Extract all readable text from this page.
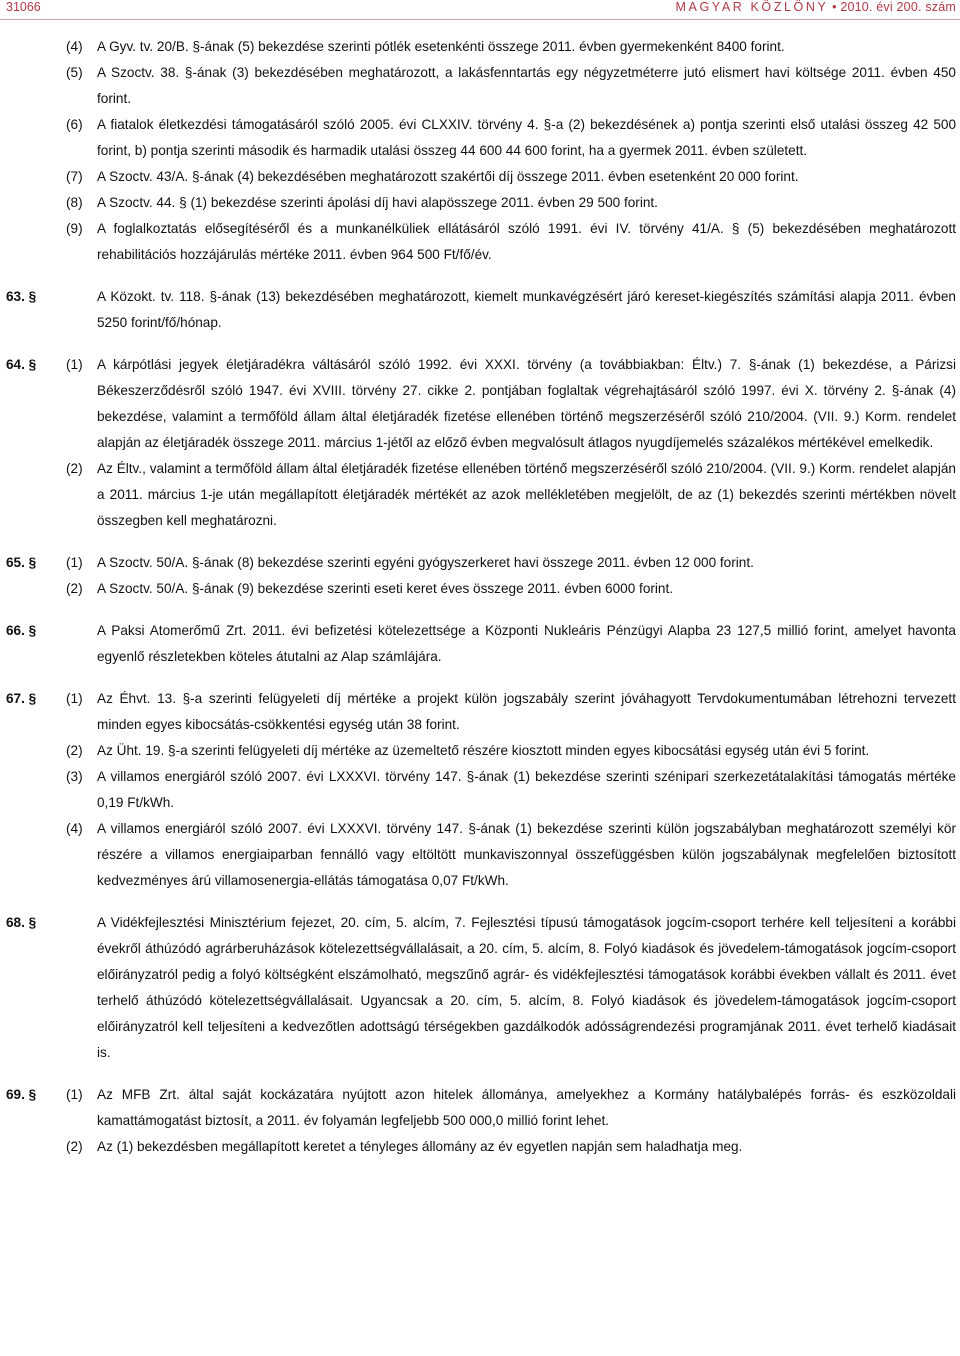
31066	MAGYAR KÖZLÖNY • 2010. évi 200. szám
(4) A Gyv. tv. 20/B. §-ának (5) bekezdése szerinti pótlék esetenkénti összege 2011. évben gyermekenként 8400 forint.
(5) A Szoctv. 38. §-ának (3) bekezdésében meghatározott, a lakásfenntartás egy négyzetméterre jutó elismert havi költsége 2011. évben 450 forint.
(6) A fiatalok életkezdési támogatásáról szóló 2005. évi CLXXIV. törvény 4. §-a (2) bekezdésének a) pontja szerinti első utalási összeg 42 500 forint, b) pontja szerinti második és harmadik utalási összeg 44 600 44 600 forint, ha a gyermek 2011. évben született.
(7) A Szoctv. 43/A. §-ának (4) bekezdésében meghatározott szakértői díj összege 2011. évben esetenként 20 000 forint.
(8) A Szoctv. 44. § (1) bekezdése szerinti ápolási díj havi alapösszege 2011. évben 29 500 forint.
(9) A foglalkoztatás elősegítéséről és a munkanélküliek ellátásáról szóló 1991. évi IV. törvény 41/A. § (5) bekezdésében meghatározott rehabilitációs hozzájárulás mértéke 2011. évben 964 500 Ft/fő/év.
63. §	A Közokt. tv. 118. §-ának (13) bekezdésében meghatározott, kiemelt munkavégzésért járó kereset-kiegészítés számítási alapja 2011. évben 5250 forint/fő/hónap.
64. § (1) A kárpótlási jegyek életjáradékra váltásáról szóló 1992. évi XXXI. törvény (a továbbiakban: Éltv.) 7. §-ának (1) bekezdése, a Párizsi Békeszerződésről szóló 1947. évi XVIII. törvény 27. cikke 2. pontjában foglaltak végrehajtásáról szóló 1997. évi X. törvény 2. §-ának (4) bekezdése, valamint a termőföld állam által életjáradék fizetése ellenében történő megszerzéséről szóló 210/2004. (VII. 9.) Korm. rendelet alapján az életjáradék összege 2011. március 1-jétől az előző évben megvalósult átlagos nyugdíjemelés százalékos mértékével emelkedik.
(2) Az Éltv., valamint a termőföld állam által életjáradék fizetése ellenében történő megszerzéséről szóló 210/2004. (VII. 9.) Korm. rendelet alapján a 2011. március 1-je után megállapított életjáradék mértékét az azok mellékletében megjelölt, de az (1) bekezdés szerinti mértékben növelt összegben kell meghatározni.
65. § (1) A Szoctv. 50/A. §-ának (8) bekezdése szerinti egyéni gyógyszerkeret havi összege 2011. évben 12 000 forint.
(2) A Szoctv. 50/A. §-ának (9) bekezdése szerinti eseti keret éves összege 2011. évben 6000 forint.
66. §	A Paksi Atomerőmű Zrt. 2011. évi befizetési kötelezettsége a Központi Nukleáris Pénzügyi Alapba 23 127,5 millió forint, amelyet havonta egyenlő részletekben köteles átutalni az Alap számlájára.
67. § (1) Az Éhvt. 13. §-a szerinti felügyeleti díj mértéke a projekt külön jogszabály szerint jóváhagyott Tervdokumentumában létrehozni tervezett minden egyes kibocsátás-csökkentési egység után 38 forint.
(2) Az Üht. 19. §-a szerinti felügyeleti díj mértéke az üzemeltető részére kiosztott minden egyes kibocsátási egység után évi 5 forint.
(3) A villamos energiáról szóló 2007. évi LXXXVI. törvény 147. §-ának (1) bekezdése szerinti szénipari szerkezetátalakítási támogatás mértéke 0,19 Ft/kWh.
(4) A villamos energiáról szóló 2007. évi LXXXVI. törvény 147. §-ának (1) bekezdése szerinti külön jogszabályban meghatározott személyi kör részére a villamos energiaiparban fennálló vagy eltöltött munkaviszonnyal összefüggésben külön jogszabálynak megfelelően biztosított kedvezményes árú villamosenergia-ellátás támogatása 0,07 Ft/kWh.
68. §	A Vidékfejlesztési Minisztérium fejezet, 20. cím, 5. alcím, 7. Fejlesztési típusú támogatások jogcím-csoport terhére kell teljesíteni a korábbi évekről áthúzódó agrárberuházások kötelezettségvállalásait, a 20. cím, 5. alcím, 8. Folyó kiadások és jövedelem-támogatások jogcím-csoport előirányzatról pedig a folyó költségként elszámolható, megszűnő agrár- és vidékfejlesztési támogatások korábbi években vállalt és 2011. évet terhelő áthúzódó kötelezettségvállalásait. Ugyancsak a 20. cím, 5. alcím, 8. Folyó kiadások és jövedelem-támogatások jogcím-csoport előirányzatról kell teljesíteni a kedvezőtlen adottságú térségekben gazdálkodók adósságrendezési programjának 2011. évet terhelő kiadásait is.
69. § (1) Az MFB Zrt. által saját kockázatára nyújtott azon hitelek állománya, amelyekhez a Kormány hatálybalépés forrás- és eszközoldali kamattámogatást biztosít, a 2011. év folyamán legfeljebb 500 000,0 millió forint lehet.
(2) Az (1) bekezdésben megállapított keretet a tényleges állomány az év egyetlen napján sem haladhatja meg.
